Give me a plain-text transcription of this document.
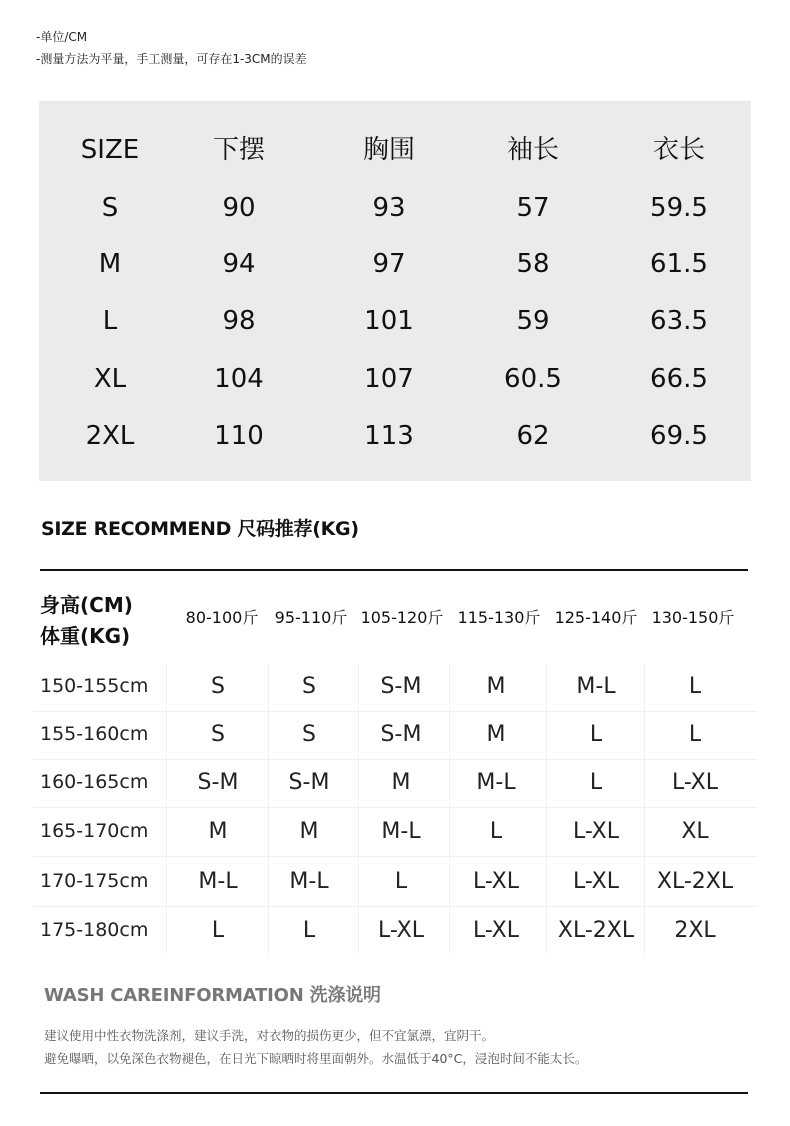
-单位/CM
-测量方法为平量，手工测量，可存在1-3CM的误差
SIZE	下摆	胸围	袖长	衣长
S	90	93	57	59.5
M	94	97	58	61.5
L	98	101	59	63.5
XL	104	107	60.5	66.5
2XL	110	113	62	69.5
SIZE RECOMMEND 尺码推荐(KG)
身高(CM)
体重(KG)
80-100斤	95-110斤 105-120斤 115-130斤 125-140斤 130-150斤
150-155cm	S	S	S-M	M	M-L	L
155-160cm	S	S	S-M	M	L	L
160-165cm	S-M	S-M	M	M-L	L	L-XL
165-170cm	M	M	M-L	L	L-XL	XL
170-175cm	M-L	M-L	L	L-XL	L-XL	XL-2XL
175-180cm	L	L	L-XL	L-XL	XL-2XL	2XL
WASH CAREINFORMATION 洗涤说明
建议使用中性衣物洗涤剂，建议手洗，对衣物的损伤更少，但不宜氯漂，宜阴干。
避免曝晒，以免深色衣物褪色，在日光下晾晒时将里面朝外。水温低于40°C，浸泡时间不能太长。
